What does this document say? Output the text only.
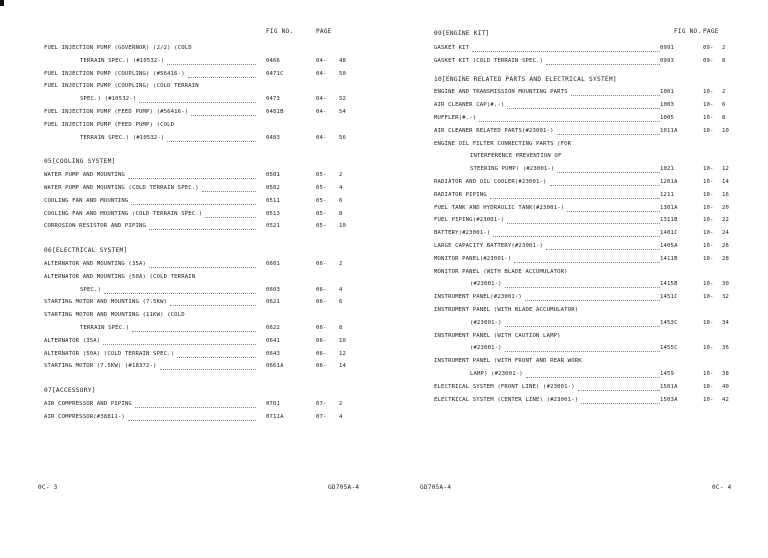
FIG NO.	PAGE
FUEL INJECTION PUMP (GOVERNOR) (2/2) (COLD
TERRAIN SPEC.) (#10532-)	0466	04- 48
FUEL INJECTION PUMP (COUPLING) (#56416-)	0471C	04- 50
FUEL INJECTION PUMP (COUPLING) (COLD TERRAIN
SPEC.) (#10532-)	0473	04- 52
FUEL INJECTION PUMP (FEED PUMP) (#56416-)	0481B	04- 54
FUEL INJECTION PUMP (FEED PUMP) (COLD
TERRAIN SPEC.) (#10532-)	0483	04- 56
05[COOLING SYSTEM]
WATER PUMP AND MOUNTING	0501	05- 2
WATER PUMP AND MOUNTING (COLD TERRAIN SPEC.)	0502	05- 4
COOLING FAN AND MOUNTING	0511	05- 6
COOLING FAN AND MOUNTING (COLD TERRAIN SPEC.)	0513	05- 8
CORROSION RESISTOR AND PIPING	0521	05- 10
06[ELECTRICAL SYSTEM]
ALTERNATOR AND MOUNTING (35A)	0601	06- 2
ALTERNATOR AND MOUNTING (50A) (COLD TERRAIN
SPEC.)	0603	06- 4
STARTING MOTOR AND MOUNTING (7.5KW)	0621	06- 6
STARTING MOTOR AND MOUNTING (11KW) (COLD
TERRAIN SPEC.)	0622	06- 8
ALTERNATOR (35A)	0641	06- 10
ALTERNATOR (50A) (COLD TERRAIN SPEC.)	0643	06- 12
STARTING MOTOR (7.5KW) (#18372-)	0661A	06- 14
07[ACCESSORY]
AIR COMPRESSOR AND PIPING	0701	07- 2
AIR COMPRESSOR(#38811-)	0711A	07- 4
09[ENGINE KIT]	FIG NO. PAGE
GASKET KIT	0991	09- 2
GASKET KIT (COLD TERRAIN SPEC.)	0993	09- 8
10[ENGINE RELATED PARTS AND ELECTRICAL SYSTEM]
ENGINE AND TRANSMISSION MOUNTING PARTS	1001	10- 2
AIR CLEANER CAP(#.-)	1003	10- 6
MUFFLER(#.-)	1005	10- 8
AIR CLEANER RELATED PARTS(#23001-)	1011A	10- 10
ENGINE OIL FILTER CONNECTING PARTS (FOR
INTERFERENCE PREVENTION OF
STEERING PUMP) (#23001-)	1021	10- 12
RADIATOR AND OIL COOLER(#23001-)	1201A	10- 14
RADIATOR PIPING	1211	10- 16
FUEL TANK AND HYDRAULIC TANK(#23001-)	1301A	10- 20
FUEL PIPING(#23001-)	1311B	10- 22
BATTERY(#23001-)	1401C	10- 24
LARGE CAPACITY BATTERY(#23001-)	1405A	10- 26
MONITOR PANEL(#23001-)	1411B	10- 28
MONITOR PANEL (WITH BLADE ACCUMULATOR)
(#23001-)	1415B	10- 30
INSTRUMENT PANEL(#23001-)	1451C	10- 32
INSTRUMENT PANEL (WITH BLADE ACCUMULATOR)
(#23001-)	1453C	10- 34
INSTRUMENT PANEL (WITH CAUTION LAMP)
(#23001-)	1455C	10- 36
INSTRUMENT PANEL (WITH FRONT AND REAR WORK
LAMP) (#23001-)	1459	10- 38
ELECTRICAL SYSTEM (FRONT LINE) (#23001-)	1501A	10- 40
ELECTRICAL SYSTEM (CENTER LINE) (#23001-)	1503A	10- 42
0C- 3	GD705A-4	GD705A-4	0C- 4
